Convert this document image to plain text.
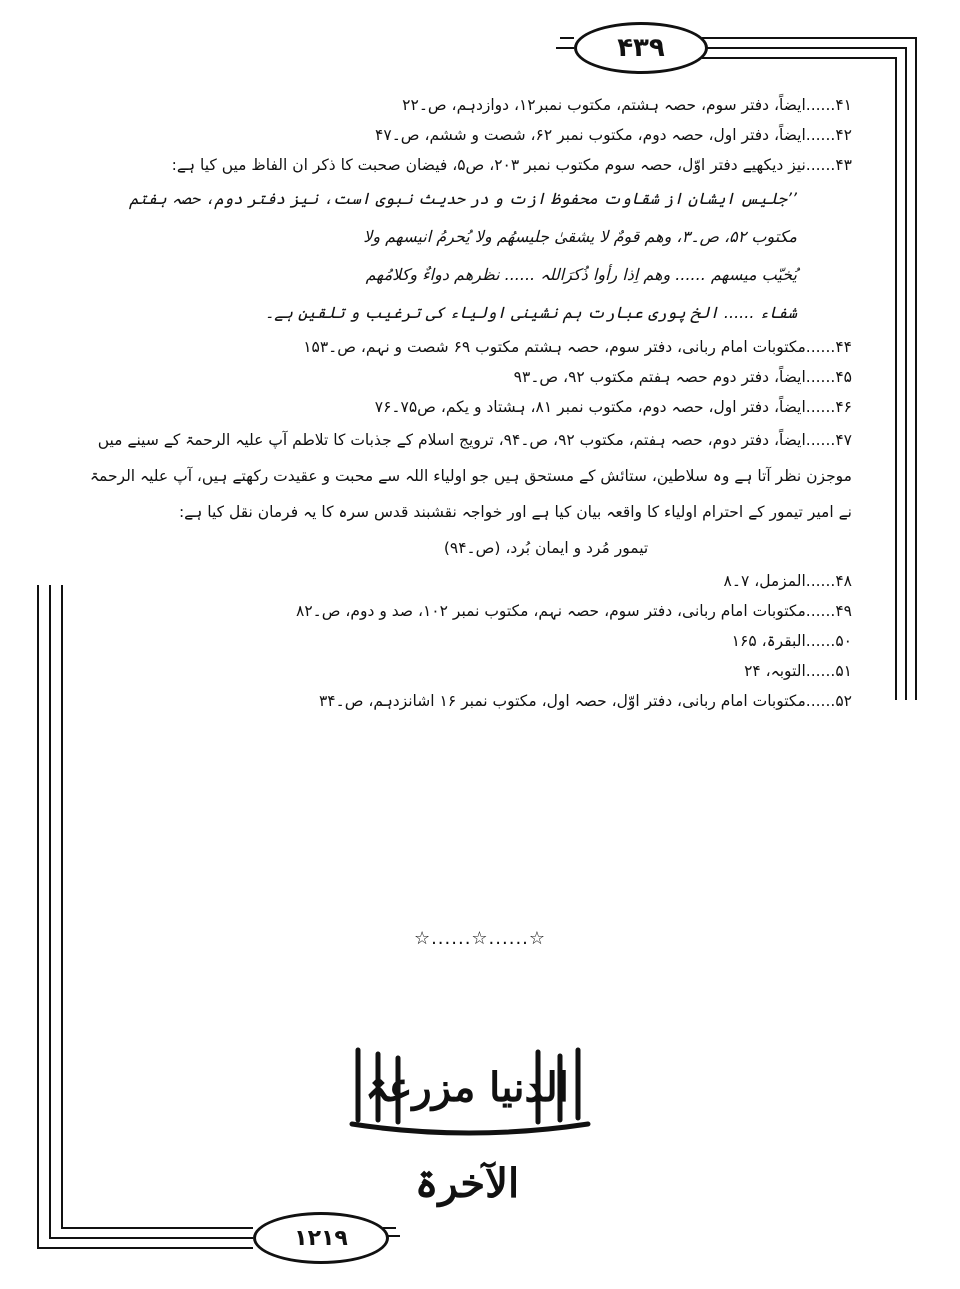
۴۳۹
۱۲۱۹
۴۱......ایضاً، دفتر سوم، حصہ ہشتم، مکتوب نمبر۱۲، دوازدہم، ص۔۲۲
۴۲......ایضاً، دفتر اول، حصہ دوم، مکتوب نمبر ۶۲، شصت و ششم، ص۔۴۷
۴۳......نیز دیکھیے دفتر اوّل، حصہ سوم مکتوب نمبر ۲۰۳، ص۵، فیضان صحبت کا ذکر ان الفاظ میں کیا ہے:
’’جلیس ایشان از شقاوت محفوظ ازت و در حدیث نبوی است، نیز دفتر دوم، حصہ ہفتم
مکتوب ۵۲، ص۔۳، وھم قومٌ لا یشقیٰ جلیسھُم ولا یُحرمُ انیسھم ولا
یُخیّب میسھم ...... وھم اِذا رأوا ذُکرَاللہ ...... نظرھم دواءٌ وکلامُھم
شفاء ...... الخ پوری عبارت ہم نشینی اولیاء کی ترغیب و تلقین ہے۔
۴۴......مکتوبات امام ربانی، دفتر سوم، حصہ ہشتم مکتوب ۶۹ شصت و نہم، ص۔۱۵۳
۴۵......ایضاً، دفتر دوم حصہ ہفتم مکتوب ۹۲، ص۔۹۳
۴۶......ایضاً، دفتر اول، حصہ دوم، مکتوب نمبر ۸۱، ہشتاد و یکم، ص۷۵۔۷۶
۴۷......ایضاً، دفتر دوم، حصہ ہفتم، مکتوب ۹۲، ص۔۹۴، ترویج اسلام کے جذبات کا تلاطم آپ علیہ الرحمۃ کے سینے میں
موجزن نظر آتا ہے وہ سلاطین، ستائش کے مستحق ہیں جو اولیاء اللہ سے محبت و عقیدت رکھتے ہیں، آپ علیہ الرحمۃ
نے امیر تیمور کے احترام اولیاء کا واقعہ بیان کیا ہے اور خواجہ نقشبند قدس سرہ کا یہ فرمان نقل کیا ہے:
تیمور مُرد و ایمان بُرد، (ص۔۹۴)
۴۸......المزمل، ۷۔۸
۴۹......مکتوبات امام ربانی، دفتر سوم، حصہ نہم، مکتوب نمبر ۱۰۲، صد و دوم، ص۔۸۲
۵۰......البقرۃ، ۱۶۵
۵۱......التوبہ، ۲۴
۵۲......مکتوبات امام ربانی، دفتر اوّل، حصہ اول، مکتوب نمبر ۱۶ اشانزدہم، ص۔۳۴
☆......☆......☆
الدنیا مزرعۃ الآخرۃ
